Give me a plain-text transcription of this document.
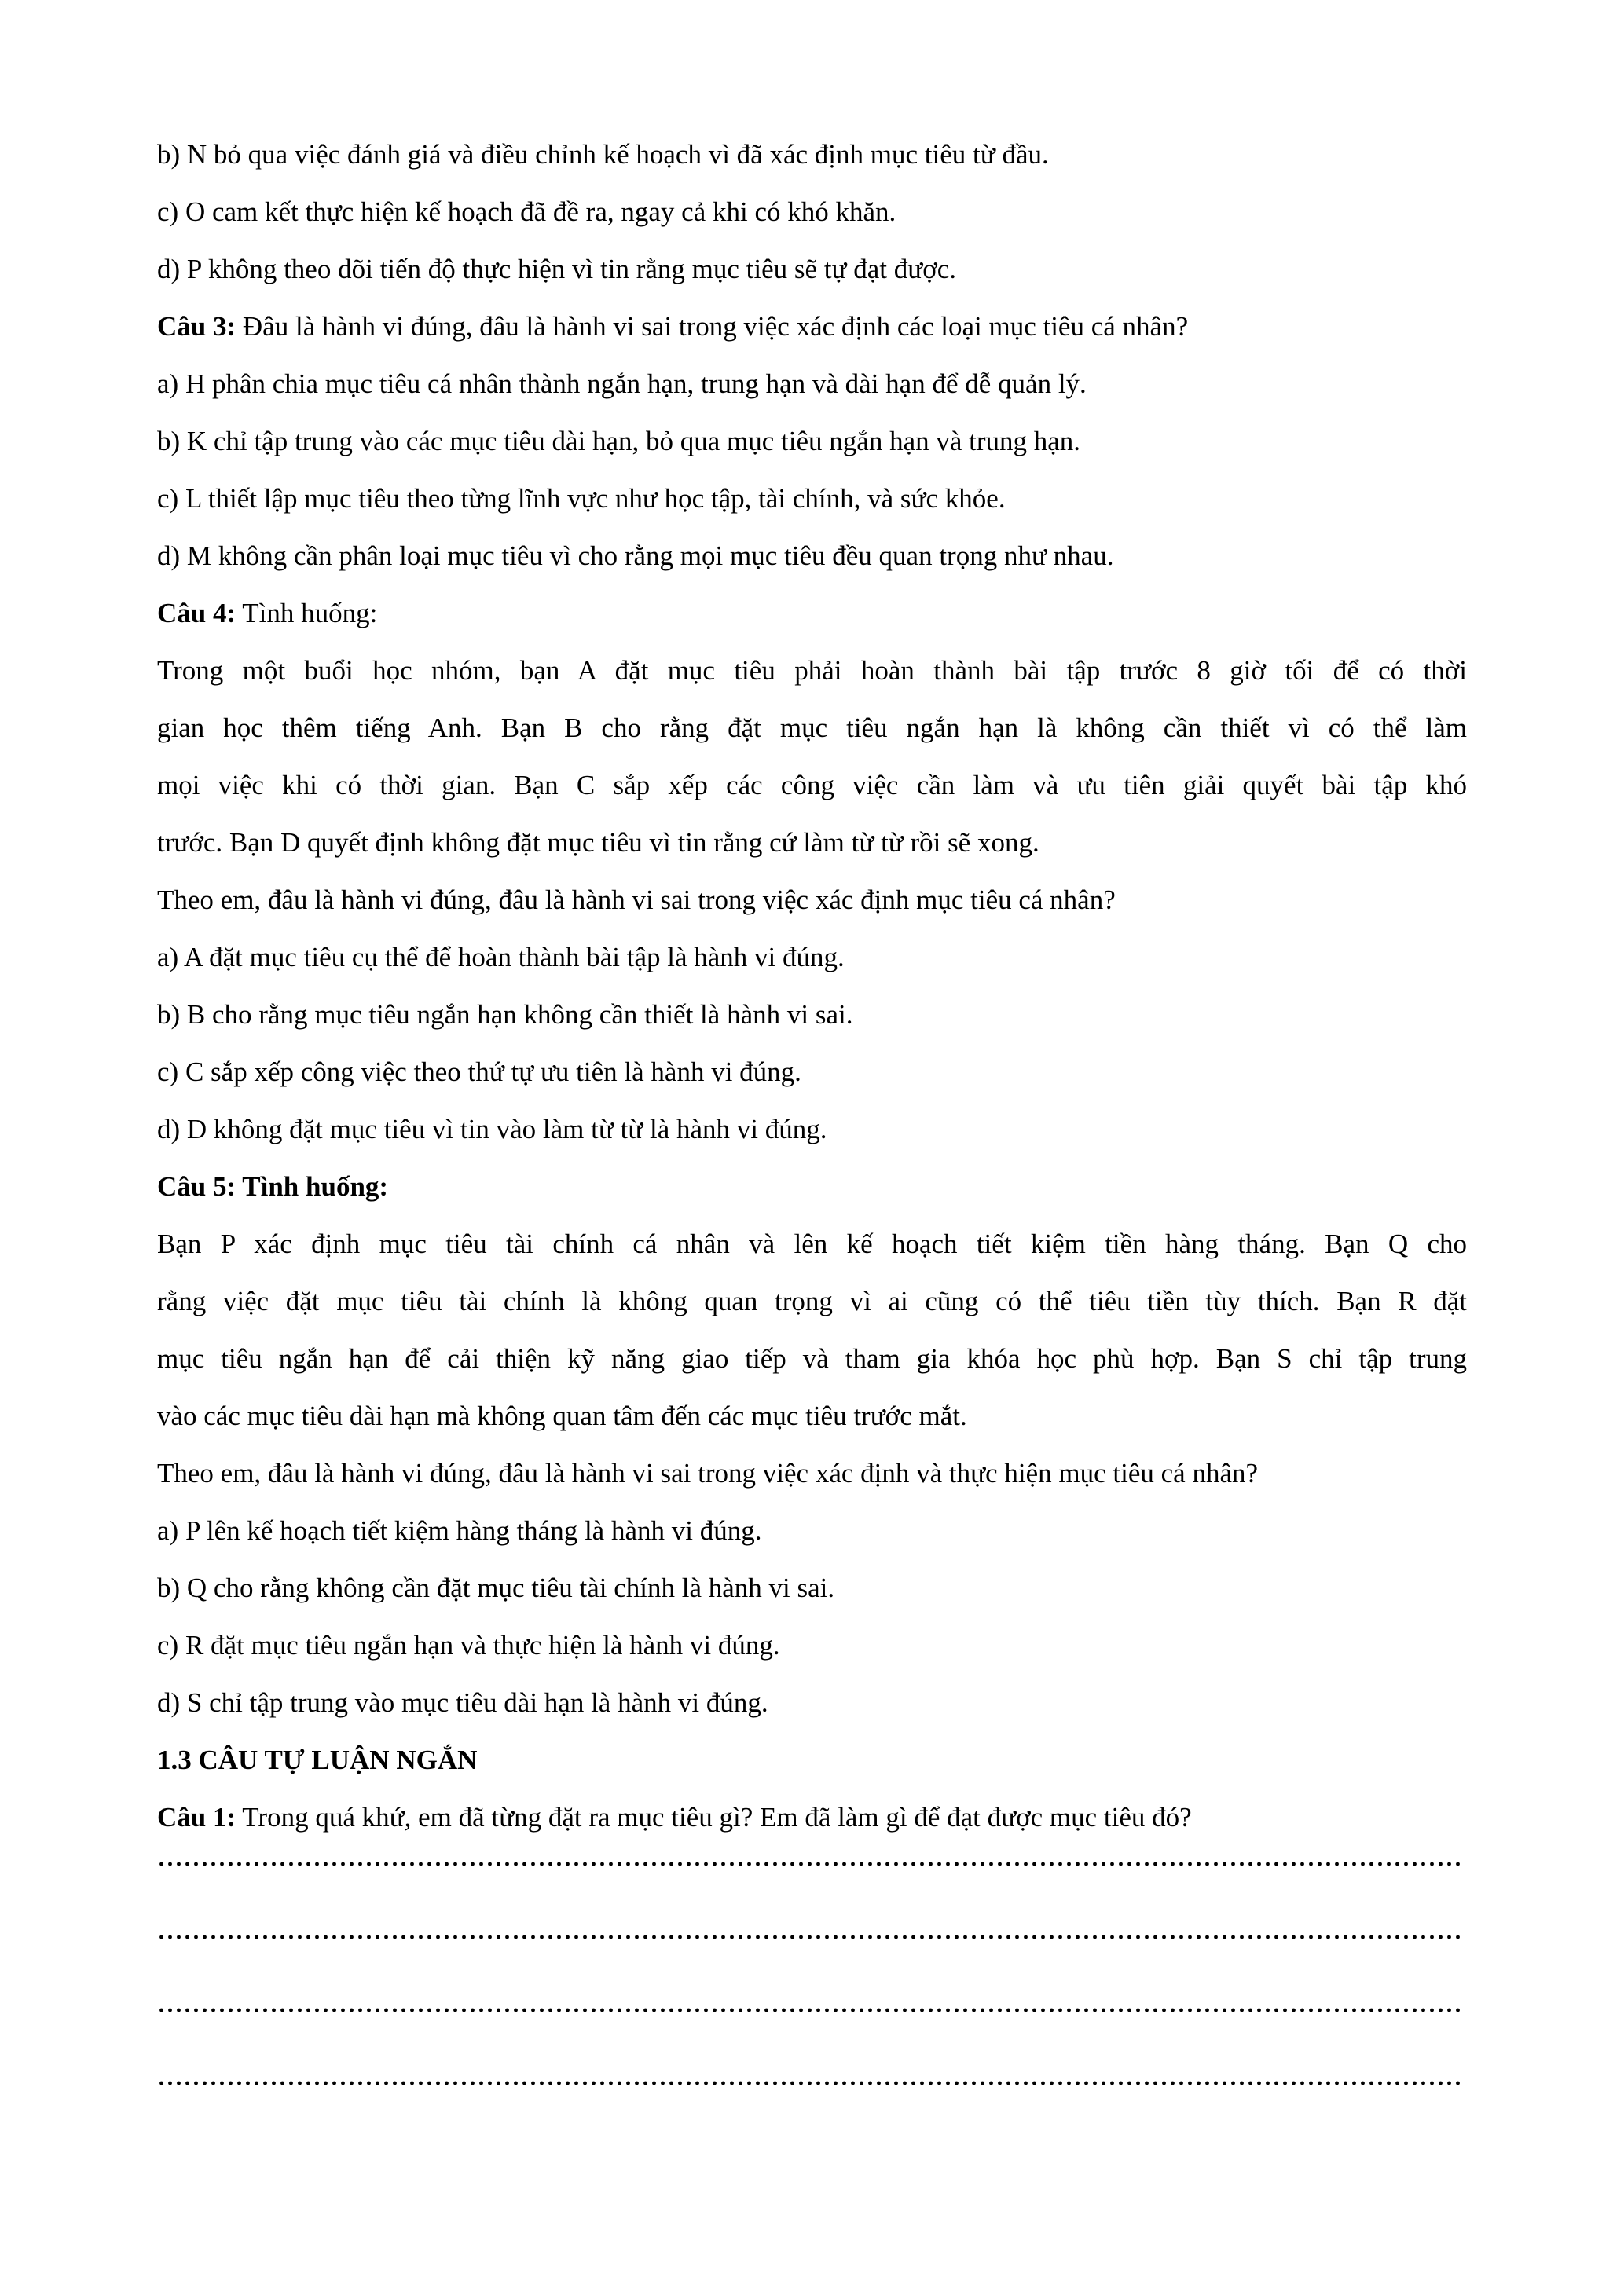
b) N bỏ qua việc đánh giá và điều chỉnh kế hoạch vì đã xác định mục tiêu từ đầu.
c) O cam kết thực hiện kế hoạch đã đề ra, ngay cả khi có khó khăn.
d) P không theo dõi tiến độ thực hiện vì tin rằng mục tiêu sẽ tự đạt được.
Câu 3: Đâu là hành vi đúng, đâu là hành vi sai trong việc xác định các loại mục tiêu cá nhân?
a) H phân chia mục tiêu cá nhân thành ngắn hạn, trung hạn và dài hạn để dễ quản lý.
b) K chỉ tập trung vào các mục tiêu dài hạn, bỏ qua mục tiêu ngắn hạn và trung hạn.
c) L thiết lập mục tiêu theo từng lĩnh vực như học tập, tài chính, và sức khỏe.
d) M không cần phân loại mục tiêu vì cho rằng mọi mục tiêu đều quan trọng như nhau.
Câu 4: Tình huống:
Trong một buổi học nhóm, bạn A đặt mục tiêu phải hoàn thành bài tập trước 8 giờ tối để có thời
gian học thêm tiếng Anh. Bạn B cho rằng đặt mục tiêu ngắn hạn là không cần thiết vì có thể làm
mọi việc khi có thời gian. Bạn C sắp xếp các công việc cần làm và ưu tiên giải quyết bài tập khó
trước. Bạn D quyết định không đặt mục tiêu vì tin rằng cứ làm từ từ rồi sẽ xong.
Theo em, đâu là hành vi đúng, đâu là hành vi sai trong việc xác định mục tiêu cá nhân?
a) A đặt mục tiêu cụ thể để hoàn thành bài tập là hành vi đúng.
b) B cho rằng mục tiêu ngắn hạn không cần thiết là hành vi sai.
c) C sắp xếp công việc theo thứ tự ưu tiên là hành vi đúng.
d) D không đặt mục tiêu vì tin vào làm từ từ là hành vi đúng.
Câu 5: Tình huống:
Bạn P xác định mục tiêu tài chính cá nhân và lên kế hoạch tiết kiệm tiền hàng tháng. Bạn Q cho
rằng việc đặt mục tiêu tài chính là không quan trọng vì ai cũng có thể tiêu tiền tùy thích. Bạn R đặt
mục tiêu ngắn hạn để cải thiện kỹ năng giao tiếp và tham gia khóa học phù hợp. Bạn S chỉ tập trung
vào các mục tiêu dài hạn mà không quan tâm đến các mục tiêu trước mắt.
Theo em, đâu là hành vi đúng, đâu là hành vi sai trong việc xác định và thực hiện mục tiêu cá nhân?
a) P lên kế hoạch tiết kiệm hàng tháng là hành vi đúng.
b) Q cho rằng không cần đặt mục tiêu tài chính là hành vi sai.
c) R đặt mục tiêu ngắn hạn và thực hiện là hành vi đúng.
d) S chỉ tập trung vào mục tiêu dài hạn là hành vi đúng.
1.3 CÂU TỰ LUẬN NGẮN
Câu 1: Trong quá khứ, em đã từng đặt ra mục tiêu gì? Em đã làm gì để đạt được mục tiêu đó?
